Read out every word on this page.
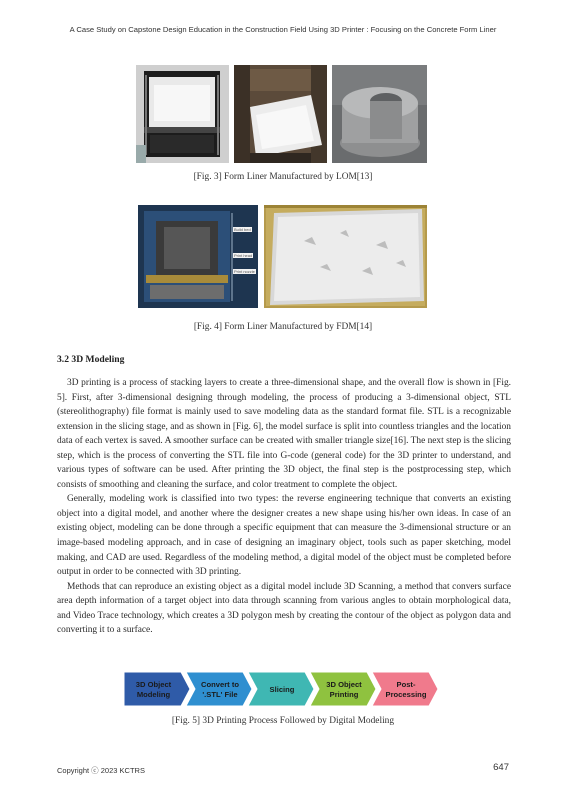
A Case Study on Capstone Design Education in the Construction Field Using 3D Printer : Focusing on the Concrete Form Liner
[Fig. 3] Form Liner Manufactured by LOM[13]
Build bed
Print head
Print nozzle
[Fig. 4] Form Liner Manufactured by FDM[14]
3.2 3D Modeling

3D printing is a process of stacking layers to create a three-dimensional shape, and the overall flow is shown in [Fig. 5]. First, after 3-dimensional designing through modeling, the process of producing a 3-dimensional object, STL (stereolithography) file format is mainly used to save modeling data as the standard format file. STL is a recognizable extension in the slicing stage, and as shown in [Fig. 6], the model surface is split into countless triangles and the location data of each vertex is saved. A smoother surface can be created with smaller triangle size[16]. The next step is the slicing step, which is the process of converting the STL file into G-code (general code) for the 3D printer to understand, and various types of software can be used. After printing the 3D object, the final step is the postprocessing step, which consists of smoothing and cleaning the surface, and color treatment to complete the object.

Generally, modeling work is classified into two types: the reverse engineering technique that converts an existing object into a digital model, and another where the designer creates a new shape using his/her own ideas. In case of an existing object, modeling can be done through a specific equipment that can measure the 3-dimensional structure or an image-based modeling approach, and in case of designing an imaginary object, tools such as paper sketching, model making, and CAD are used. Regardless of the modeling method, a digital model of the object must be completed before output in order to be connected with 3D printing.

Methods that can reproduce an existing object as a digital model include 3D Scanning, a method that convers surface area depth information of a target object into data through scanning from various angles to obtain morphological data, and Video Trace technology, which creates a 3D polygon mesh by creating the contour of the object as polygon data and converting it to a surface.

3D Object
Modeling
Convert to
'.STL' File
Slicing
3D Object
Printing
Post-
Processing
[Fig. 5] 3D Printing Process Followed by Digital Modeling
Copyright ⓒ 2023 KCTRS	647
